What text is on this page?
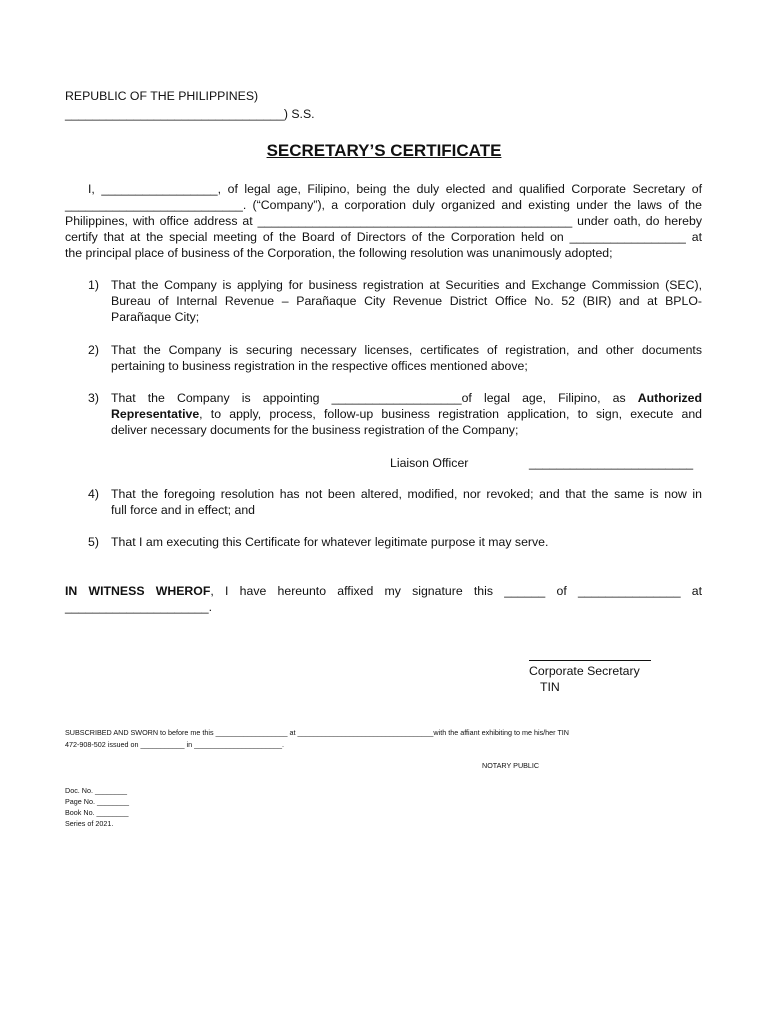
REPUBLIC OF THE PHILIPPINES)
________________________________) S.S.
SECRETARY’S CERTIFICATE
I, _________________, of legal age, Filipino, being the duly elected and qualified Corporate Secretary of
__________________________. (“Company”), a corporation duly organized and existing under the laws of the
Philippines, with office address at ______________________________________________ under oath, do hereby
certify that at the special meeting of the Board of Directors of the Corporation held on _________________ at
the principal place of business of the Corporation, the following resolution was unanimously adopted;
1) That the Company is applying for business registration at Securities and Exchange Commission (SEC),
Bureau of Internal Revenue – Parañaque City Revenue District Office No. 52 (BIR) and at BPLO-
Parañaque City;
2) That the Company is securing necessary licenses, certificates of registration, and other documents
pertaining to business registration in the respective offices mentioned above;
3) That the Company is appointing ___________________of legal age, Filipino, as Authorized
Representative, to apply, process, follow-up business registration application, to sign, execute and
deliver necessary documents for the business registration of the Company;
Liaison Officer	________________________
4) That the foregoing resolution has not been altered, modified, nor revoked; and that the same is now in
full force and in effect; and
5) That I am executing this Certificate for whatever legitimate purpose it may serve.
IN WITNESS WHEROF, I have hereunto affixed my signature this ______ of _______________ at
_____________________.
Corporate Secretary
TIN
SUBSCRIBED AND SWORN to before me this __________________ at __________________________________with the affiant exhibiting to me his/her TIN
472-908-502 issued on ___________ in ______________________.
NOTARY PUBLIC
Doc. No. ________
Page No. ________
Book No. ________
Series of 2021.
